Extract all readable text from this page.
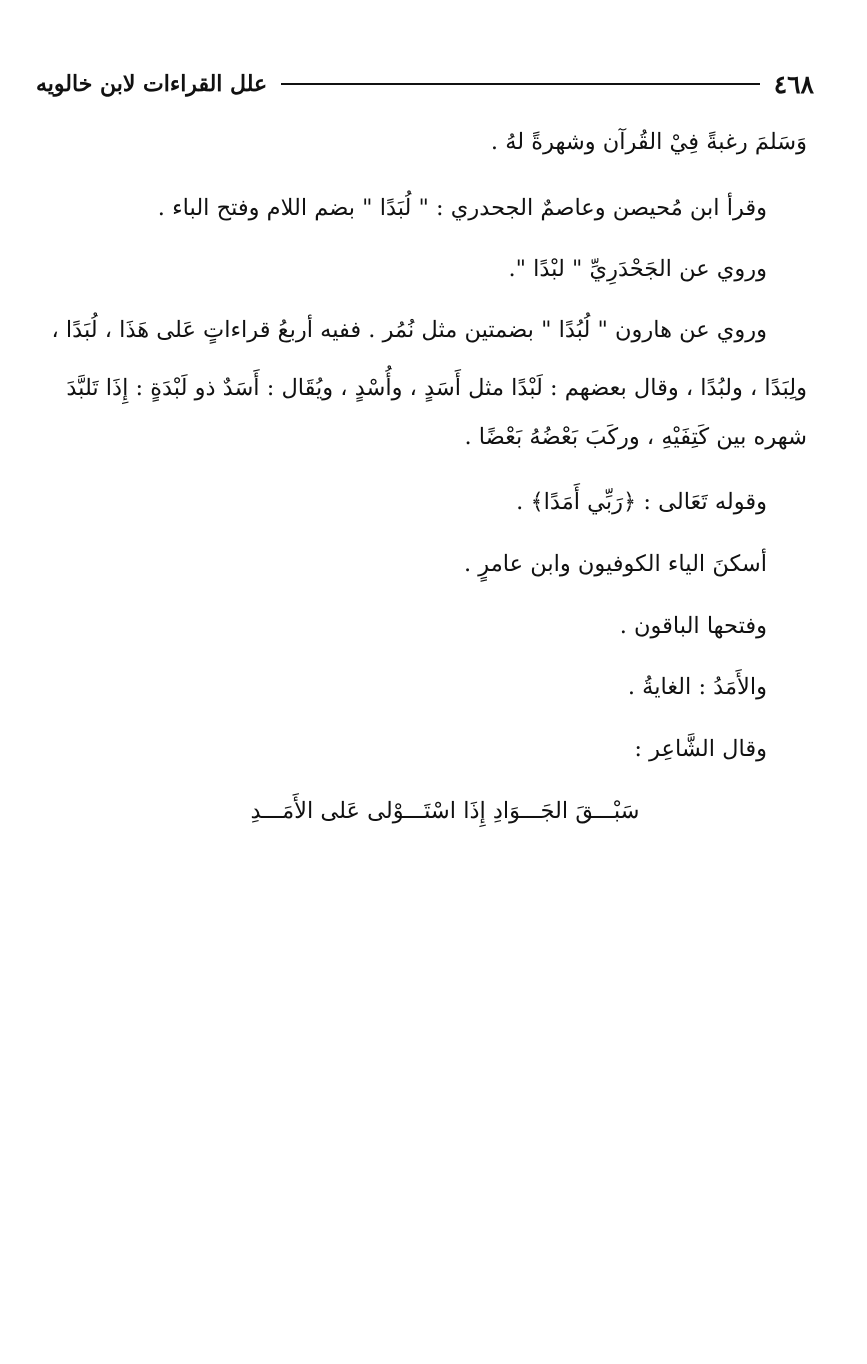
٤٦٨
علل القراءات لابن خالويه
وَسَلمَ رغبةً فِيْ القُرآن وشهرةً لهُ .
وقرأ ابن مُحيصن وعاصمٌ الجحدري : " لُبَدًا " بضم اللام وفتح الباء .
وروي عن الجَحْدَرِيِّ " لبْدًا ".
وروي عن هارون " لُبُدًا " بضمتين مثل نُمُر . ففيه أربعُ قراءاتٍ عَلى هَذَا ، لُبَدًا ،
ولِبَدًا ، ولبُدًا ، وقال بعضهم : لَبْدًا مثل أَسَدٍ ، وأُسْدٍ ، ويُقَال : أَسَدٌ ذو لَبْدَةٍ : إِذَا تَلبَّدَ
شهره بين كَتِفَيْهِ ، وركَبَ بَعْضُهُ بَعْضًا .
وقوله تَعَالى : ﴿رَبِّي أَمَدًا﴾ .
أسكنَ الياء الكوفيون وابن عامرٍ .
وفتحها الباقون .
والأَمَدُ : الغايةُ .
وقال الشَّاعِر :
سَبْـــقَ الجَـــوَادِ إِذَا اسْتَـــوْلى عَلى الأَمَـــدِ
